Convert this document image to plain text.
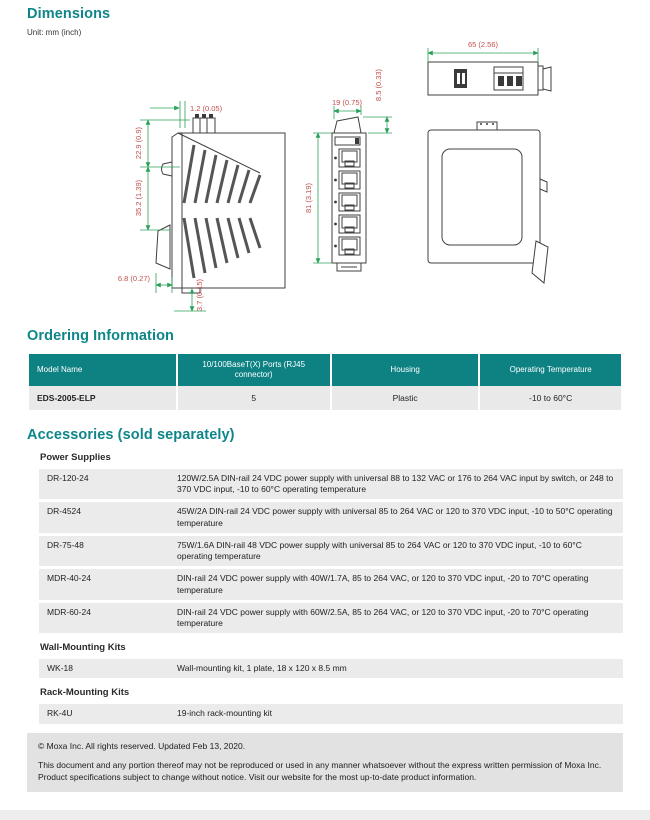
Dimensions
Unit: mm (inch)
1.2 (0.05)
22.9 (0.9)
35.2 (1.39)
6.8 (0.27)
3.7 (0.15)
19 (0.75)
8.5 (0.33)
81 (3.19)
65 (2.56)
Ordering Information
Model Name	10/100BaseT(X) Ports (RJ45 connector)	Housing	Operating Temperature
EDS-2005-ELP	5	Plastic	-10 to 60°C
Accessories (sold separately)
Power Supplies
DR-120-24	120W/2.5A DIN-rail 24 VDC power supply with universal 88 to 132 VAC or 176 to 264 VAC input by switch, or 248 to 370 VDC input, -10 to 60°C operating temperature
DR-4524	45W/2A DIN-rail 24 VDC power supply with universal 85 to 264 VAC or 120 to 370 VDC input, -10 to 50°C operating temperature
DR-75-48	75W/1.6A DIN-rail 48 VDC power supply with universal 85 to 264 VAC or 120 to 370 VDC input, -10 to 60°C operating temperature
MDR-40-24	DIN-rail 24 VDC power supply with 40W/1.7A, 85 to 264 VAC, or 120 to 370 VDC input, -20 to 70°C operating temperature
MDR-60-24	DIN-rail 24 VDC power supply with 60W/2.5A, 85 to 264 VAC, or 120 to 370 VDC input, -20 to 70°C operating temperature
Wall-Mounting Kits
WK-18	Wall-mounting kit, 1 plate, 18 x 120 x 8.5 mm
Rack-Mounting Kits
RK-4U	19-inch rack-mounting kit

© Moxa Inc. All rights reserved. Updated Feb 13, 2020.

This document and any portion thereof may not be reproduced or used in any manner whatsoever without the express written permission of Moxa Inc. Product specifications subject to change without notice. Visit our website for the most up-to-date product information.
